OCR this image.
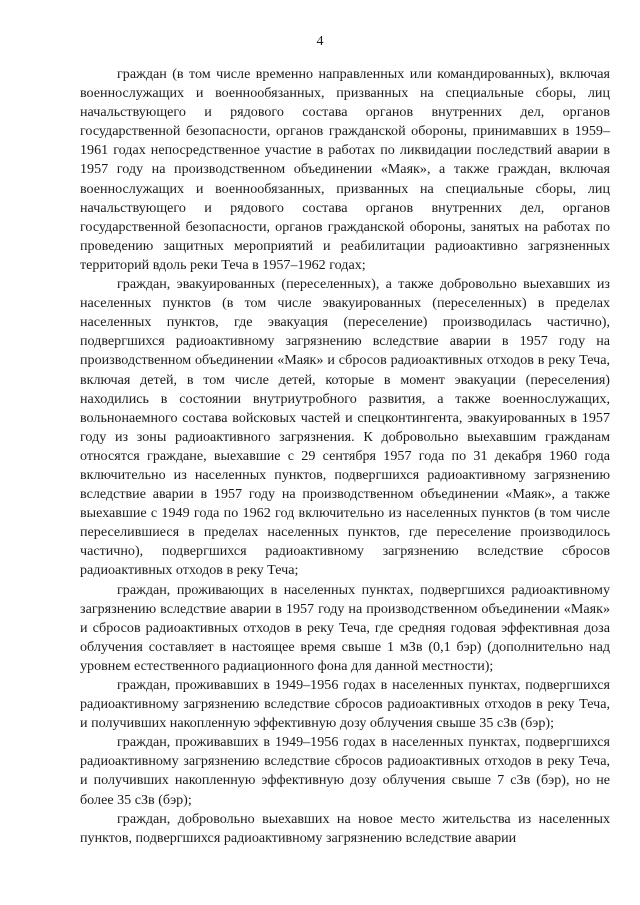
4

граждан (в том числе временно направленных или командированных), включая военнослужащих и военнообязанных, призванных на специальные сборы, лиц начальствующего и рядового состава органов внутренних дел, органов государственной безопасности, органов гражданской обороны, принимавших в 1959–1961 годах непосредственное участие в работах по ликвидации последствий аварии в 1957 году на производственном объединении «Маяк», а также граждан, включая военнослужащих и военнообязанных, призванных на специальные сборы, лиц начальствующего и рядового состава органов внутренних дел, органов государственной безопасности, органов гражданской обороны, занятых на работах по проведению защитных мероприятий и реабилитации радиоактивно загрязненных территорий вдоль реки Теча в 1957–1962 годах;

граждан, эвакуированных (переселенных), а также добровольно выехавших из населенных пунктов (в том числе эвакуированных (переселенных) в пределах населенных пунктов, где эвакуация (переселение) производилась частично), подвергшихся радиоактивному загрязнению вследствие аварии в 1957 году на производственном объединении «Маяк» и сбросов радиоактивных отходов в реку Теча, включая детей, в том числе детей, которые в момент эвакуации (переселения) находились в состоянии внутриутробного развития, а также военнослужащих, вольнонаемного состава войсковых частей и спецконтингента, эвакуированных в 1957 году из зоны радиоактивного загрязнения. К добровольно выехавшим гражданам относятся граждане, выехавшие с 29 сентября 1957 года по 31 декабря 1960 года включительно из населенных пунктов, подвергшихся радиоактивному загрязнению вследствие аварии в 1957 году на производственном объединении «Маяк», а также выехавшие с 1949 года по 1962 год включительно из населенных пунктов (в том числе переселившиеся в пределах населенных пунктов, где переселение производилось частично), подвергшихся радиоактивному загрязнению вследствие сбросов радиоактивных отходов в реку Теча;

граждан, проживающих в населенных пунктах, подвергшихся радиоактивному загрязнению вследствие аварии в 1957 году на производственном объединении «Маяк» и сбросов радиоактивных отходов в реку Теча, где средняя годовая эффективная доза облучения составляет в настоящее время свыше 1 мЗв (0,1 бэр) (дополнительно над уровнем естественного радиационного фона для данной местности);

граждан, проживавших в 1949–1956 годах в населенных пунктах, подвергшихся радиоактивному загрязнению вследствие сбросов радиоактивных отходов в реку Теча, и получивших накопленную эффективную дозу облучения свыше 35 сЗв (бэр);

граждан, проживавших в 1949–1956 годах в населенных пунктах, подвергшихся радиоактивному загрязнению вследствие сбросов радиоактивных отходов в реку Теча, и получивших накопленную эффективную дозу облучения свыше 7 сЗв (бэр), но не более 35 сЗв (бэр);

граждан, добровольно выехавших на новое место жительства из населенных пунктов, подвергшихся радиоактивному загрязнению вследствие аварии
